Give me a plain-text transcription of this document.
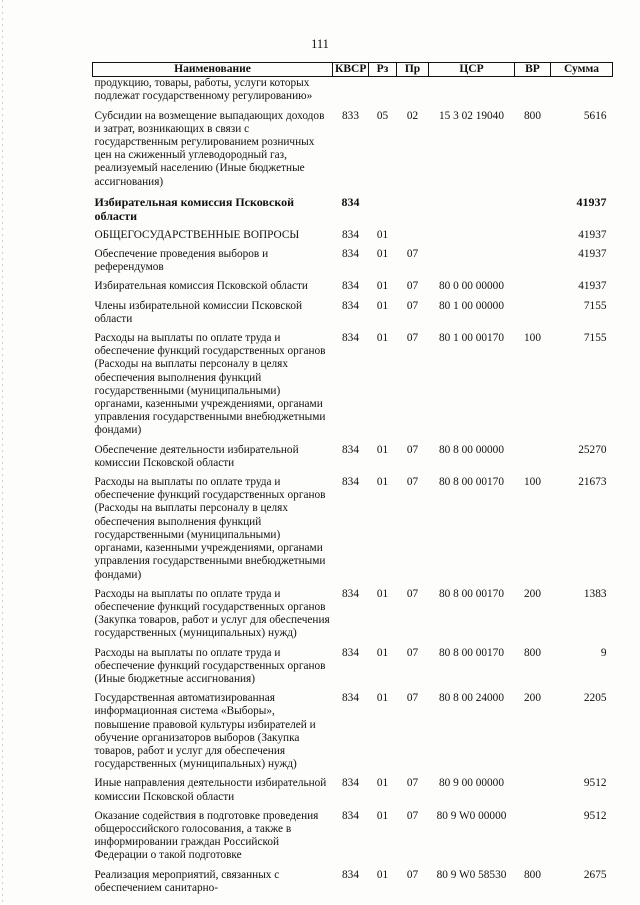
111
Наименование	КВСР	Рз	Пр	ЦСР	ВР	Сумма
продукцию, товары, работы, услуги которых подлежат государственному регулированию»						
Субсидии на возмещение выпадающих доходов и затрат, возникающих в связи с государственным регулированием розничных цен на сжиженный углеводородный газ, реализуемый населению (Иные бюджетные ассигнования)	833	05	02	15 3 02 19040	800	5616
Избирательная комиссия Псковской области	834					41937
ОБЩЕГОСУДАРСТВЕННЫЕ ВОПРОСЫ	834	01				41937
Обеспечение проведения выборов и референдумов	834	01	07			41937
Избирательная комиссия Псковской области	834	01	07	80 0 00 00000		41937
Члены избирательной комиссии Псковской области	834	01	07	80 1 00 00000		7155
Расходы на выплаты по оплате труда и обеспечение функций государственных органов (Расходы на выплаты персоналу в целях обеспечения выполнения функций государственными (муниципальными) органами, казенными учреждениями, органами управления государственными внебюджетными фондами)	834	01	07	80 1 00 00170	100	7155
Обеспечение деятельности избирательной комиссии Псковской области	834	01	07	80 8 00 00000		25270
Расходы на выплаты по оплате труда и обеспечение функций государственных органов (Расходы на выплаты персоналу в целях обеспечения выполнения функций государственными (муниципальными) органами, казенными учреждениями, органами управления государственными внебюджетными фондами)	834	01	07	80 8 00 00170	100	21673
Расходы на выплаты по оплате труда и обеспечение функций государственных органов (Закупка товаров, работ и услуг для обеспечения государственных (муниципальных) нужд)	834	01	07	80 8 00 00170	200	1383
Расходы на выплаты по оплате труда и обеспечение функций государственных органов (Иные бюджетные ассигнования)	834	01	07	80 8 00 00170	800	9
Государственная автоматизированная информационная система «Выборы», повышение правовой культуры избирателей и обучение организаторов выборов (Закупка товаров, работ и услуг для обеспечения государственных (муниципальных) нужд)	834	01	07	80 8 00 24000	200	2205
Иные направления деятельности избирательной комиссии Псковской области	834	01	07	80 9 00 00000		9512
Оказание содействия в подготовке проведения общероссийского голосования, а также в информировании граждан Российской Федерации о такой подготовке	834	01	07	80 9 W0 00000		9512
Реализация мероприятий, связанных с обеспечением санитарно-	834	01	07	80 9 W0 58530	800	2675
